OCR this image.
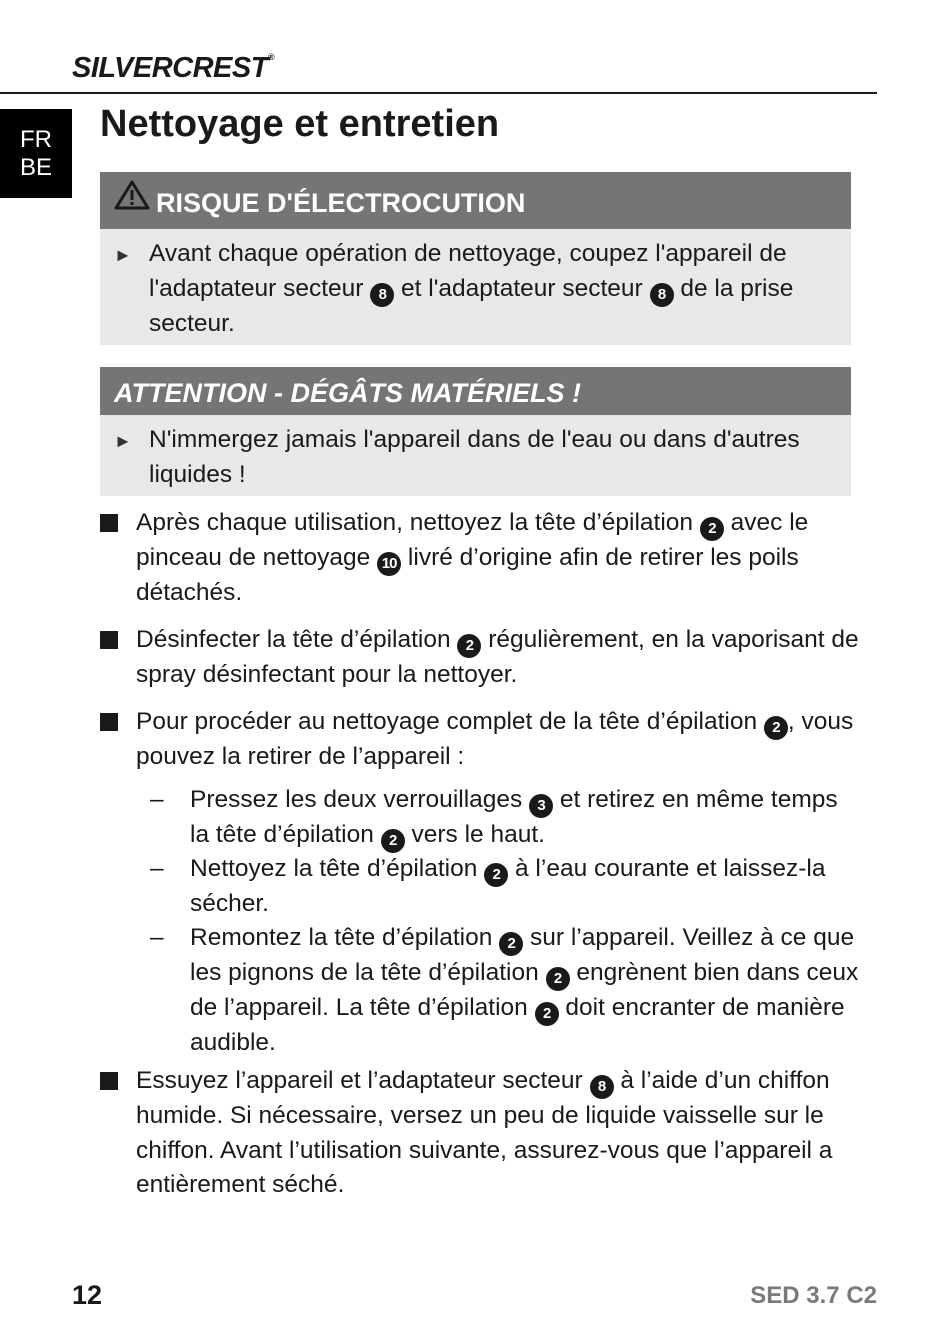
SILVERCREST®
FR
BE
Nettoyage et entretien
RISQUE D'ÉLECTROCUTION
► Avant chaque opération de nettoyage, coupez l'appareil de l'adaptateur secteur 8 et l'adaptateur secteur 8 de la prise secteur.
ATTENTION - DÉGÂTS MATÉRIELS !
► N'immergez jamais l'appareil dans de l'eau ou dans d'autres liquides !
Après chaque utilisation, nettoyez la tête d’épilation 2 avec le pinceau de nettoyage 10 livré d’origine afin de retirer les poils détachés.
Désinfecter la tête d’épilation 2 régulièrement, en la vaporisant de spray désinfectant pour la nettoyer.
Pour procéder au nettoyage complet de la tête d’épilation 2 , vous pouvez la retirer de l’appareil :
– Pressez les deux verrouillages 3 et retirez en même temps la tête d’épilation 2 vers le haut.
– Nettoyez la tête d’épilation 2 à l’eau courante et laissez-la sécher.
– Remontez la tête d’épilation 2 sur l’appareil. Veillez à ce que les pignons de la tête d’épilation 2 engrènent bien dans ceux de l’appareil. La tête d’épilation 2 doit encranter de manière audible.
Essuyez l’appareil et l’adaptateur secteur 8 à l’aide d’un chiffon humide. Si nécessaire, versez un peu de liquide vaisselle sur le chiffon. Avant l’utilisation suivante, assurez-vous que l’appareil a entièrement séché.
12	SED 3.7 C2
